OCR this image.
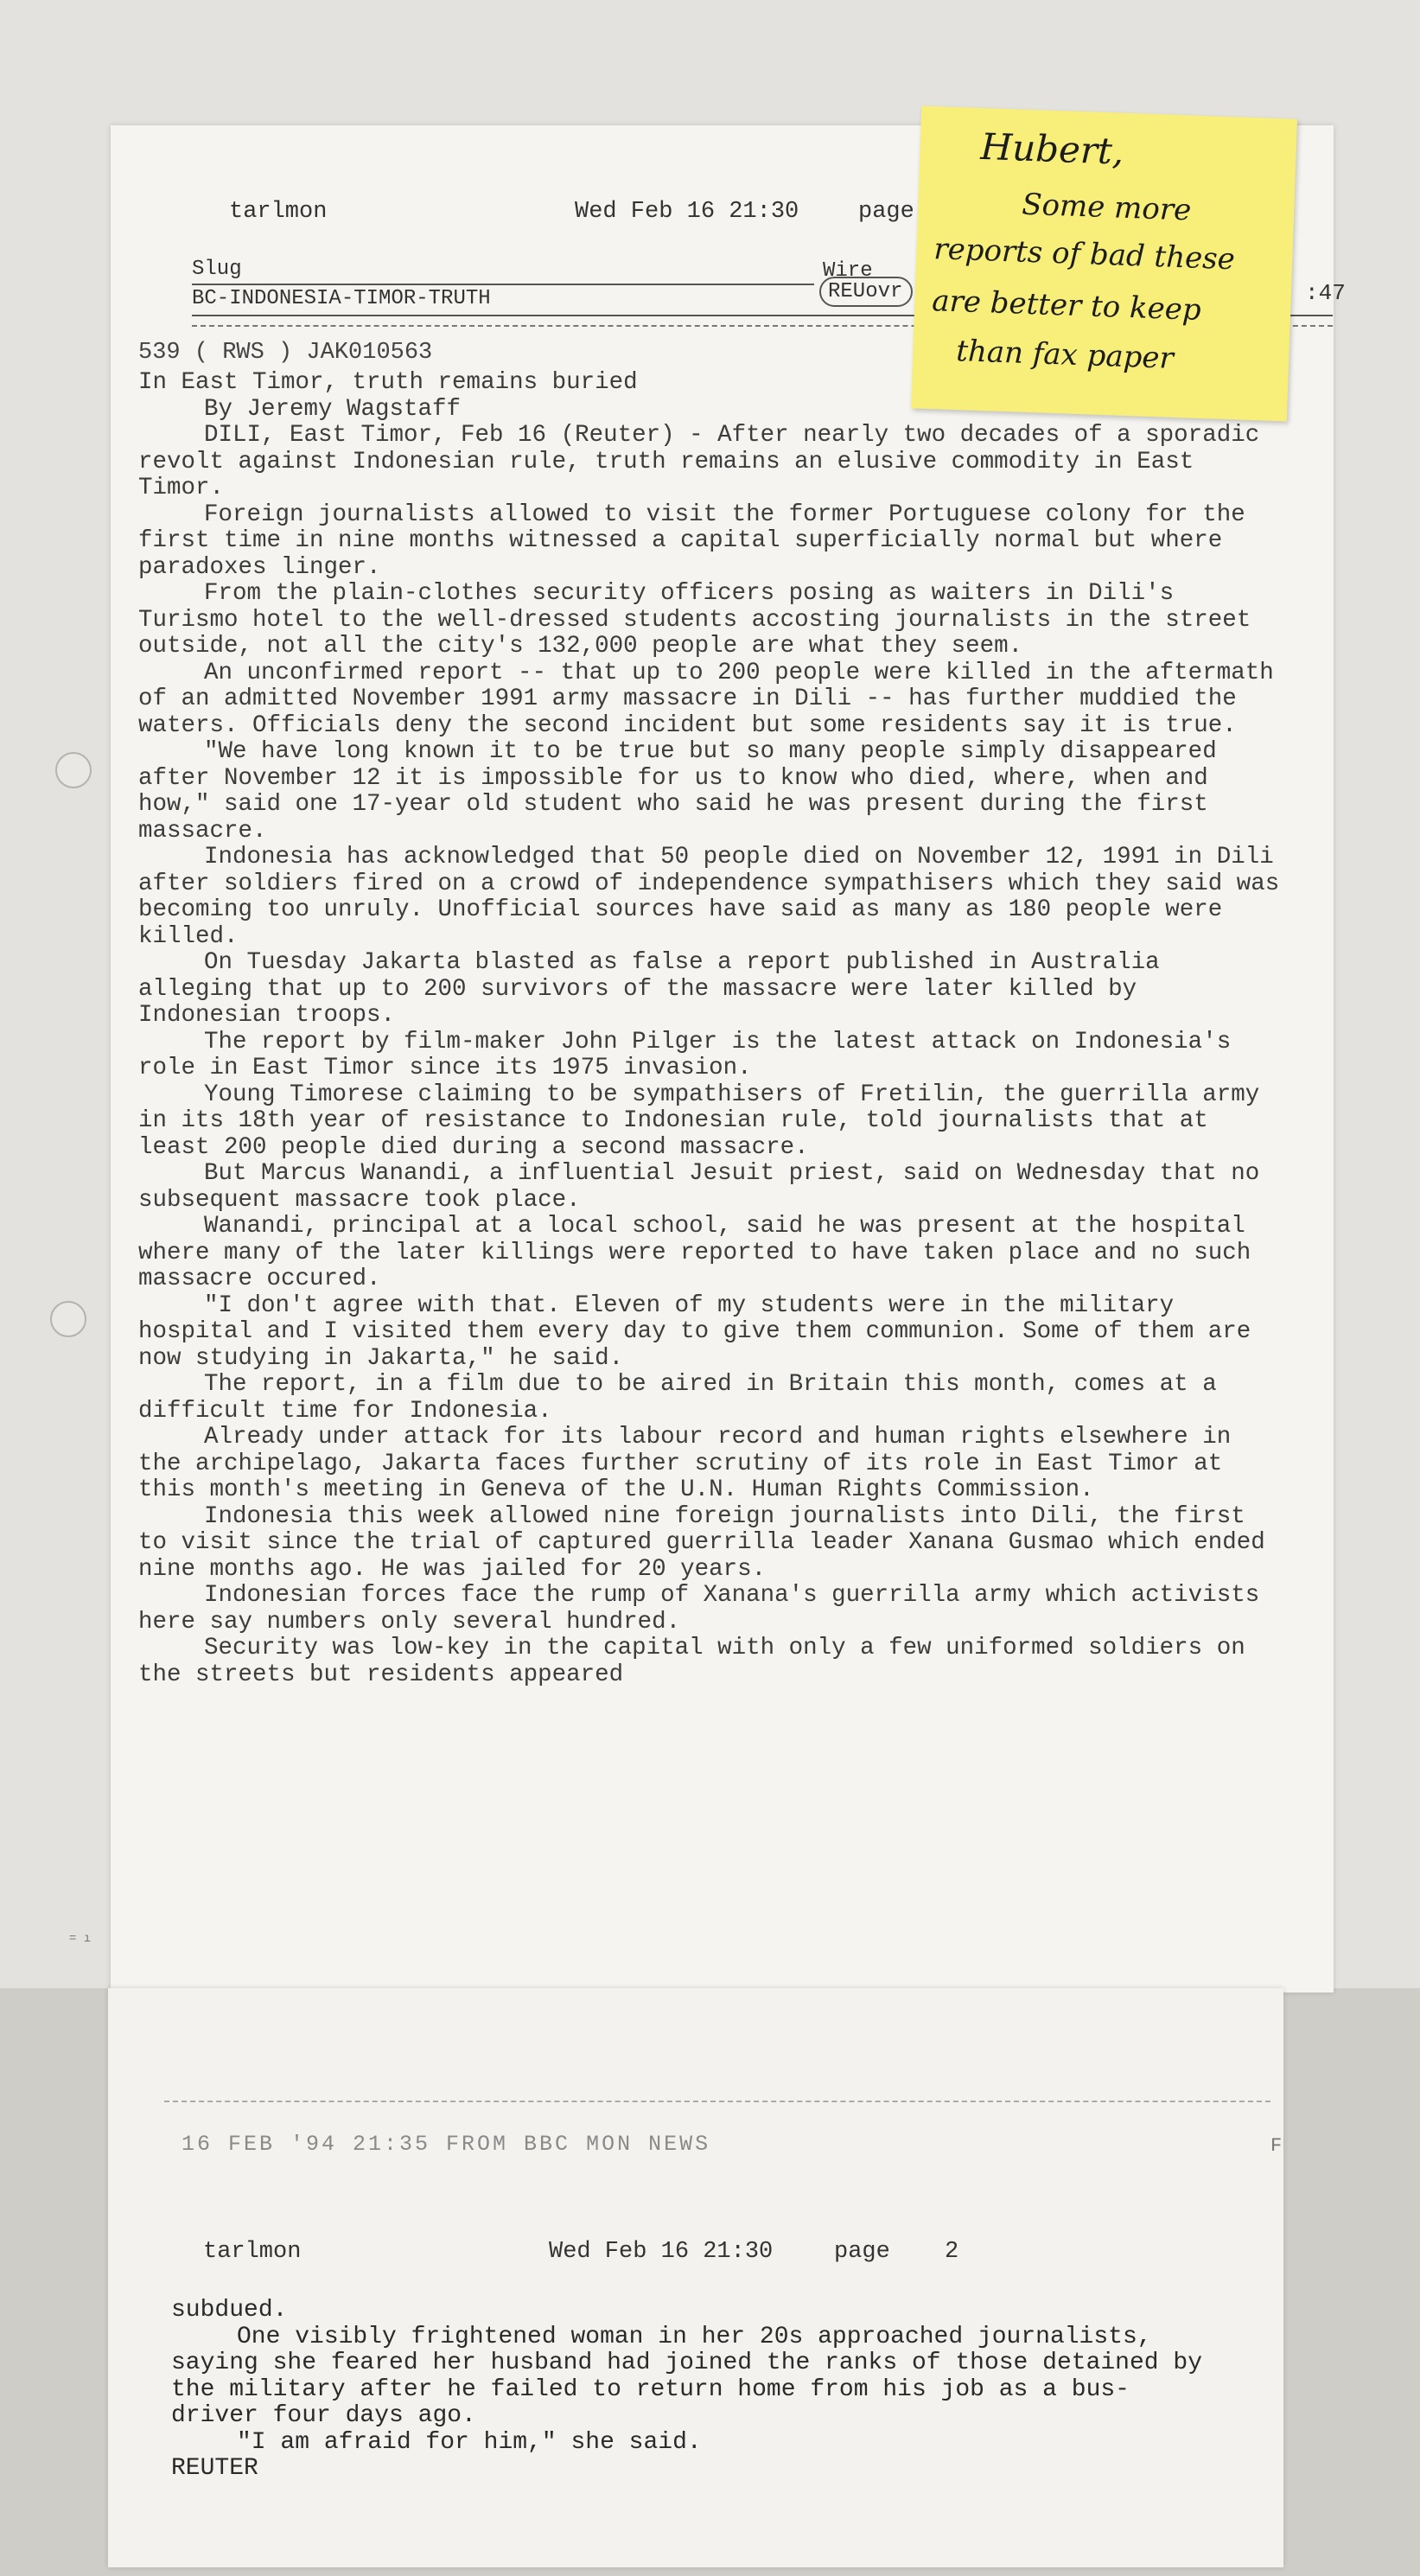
= ı
tarlmon	Wed Feb 16 21:30	page
Slug
BC-INDONESIA-TIMOR-TRUTH
Wire
REUovr	:47
Hubert,
Some more
reports of bad these
are better to keep
than fax paper
539 ( RWS ) JAK010563

In East Timor, truth remains buried

By Jeremy Wagstaff

DILI, East Timor, Feb 16 (Reuter) - After nearly two decades of a sporadic revolt against Indonesian rule, truth remains an elusive commodity in East Timor.

Foreign journalists allowed to visit the former Portuguese colony for the first time in nine months witnessed a capital superficially normal but where paradoxes linger.

From the plain-clothes security officers posing as waiters in Dili's Turismo hotel to the well-dressed students accosting journalists in the street outside, not all the city's 132,000 people are what they seem.

An unconfirmed report -- that up to 200 people were killed in the aftermath of an admitted November 1991 army massacre in Dili -- has further muddied the waters. Officials deny the second incident but some residents say it is true.

"We have long known it to be true but so many people simply disappeared after November 12 it is impossible for us to know who died, where, when and how," said one 17-year old student who said he was present during the first massacre.

Indonesia has acknowledged that 50 people died on November 12, 1991 in Dili after soldiers fired on a crowd of independence sympathisers which they said was becoming too unruly. Unofficial sources have said as many as 180 people were killed.

On Tuesday Jakarta blasted as false a report published in Australia alleging that up to 200 survivors of the massacre were later killed by Indonesian troops.

The report by film-maker John Pilger is the latest attack on Indonesia's role in East Timor since its 1975 invasion.

Young Timorese claiming to be sympathisers of Fretilin, the guerrilla army in its 18th year of resistance to Indonesian rule, told journalists that at least 200 people died during a second massacre.

But Marcus Wanandi, a influential Jesuit priest, said on Wednesday that no subsequent massacre took place.

Wanandi, principal at a local school, said he was present at the hospital where many of the later killings were reported to have taken place and no such massacre occured.

"I don't agree with that. Eleven of my students were in the military hospital and I visited them every day to give them communion. Some of them are now studying in Jakarta," he said.

The report, in a film due to be aired in Britain this month, comes at a difficult time for Indonesia.

Already under attack for its labour record and human rights elsewhere in the archipelago, Jakarta faces further scrutiny of its role in East Timor at this month's meeting in Geneva of the U.N. Human Rights Commission.

Indonesia this week allowed nine foreign journalists into Dili, the first to visit since the trial of captured guerrilla leader Xanana Gusmao which ended nine months ago. He was jailed for 20 years.

Indonesian forces face the rump of Xanana's guerrilla army which activists here say numbers only several hundred.

Security was low-key in the capital with only a few uniformed soldiers on the streets but residents appeared

16 FEB '94 21:35 FROM BBC MON NEWS	F
tarlmon	Wed Feb 16 21:30	page 2

subdued.

One visibly frightened woman in her 20s approached journalists, saying she feared her husband had joined the ranks of those detained by the military after he failed to return home from his job as a bus-driver four days ago.

"I am afraid for him," she said.

REUTER
